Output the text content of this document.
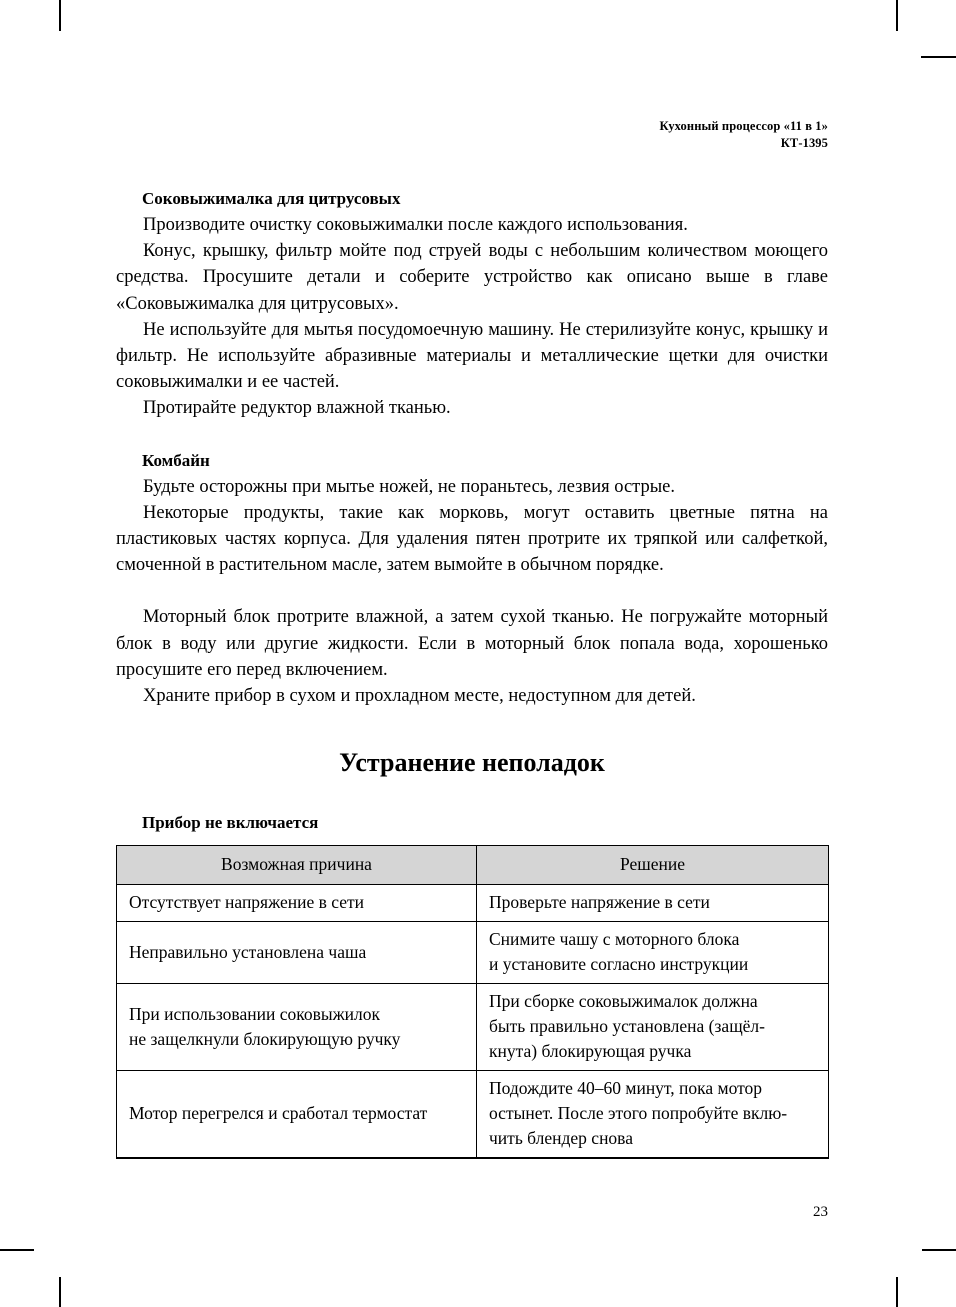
Кухонный процессор «11 в 1»
КТ-1395
Соковыжималка для цитрусовых

Производите очистку соковыжималки после каждого использования.

Конус, крышку, фильтр мойте под струей воды с небольшим количеством моющего средства. Просушите детали и соберите устройство как описано выше в главе «Соковыжималка для цитрусовых».

Не используйте для мытья посудомоечную машину. Не стерилизуйте конус, крышку и фильтр. Не используйте абразивные материалы и металлические щетки для очистки соковыжималки и ее частей.

Протирайте редуктор влажной тканью.

Комбайн

Будьте осторожны при мытье ножей, не пораньтесь, лезвия острые.

Некоторые продукты, такие как морковь, могут оставить цветные пятна на пластиковых частях корпуса. Для удаления пятен протрите их тряпкой или салфеткой, смоченной в растительном масле, затем вымойте в обычном порядке.

Моторный блок протрите влажной, а затем сухой тканью. Не погружайте моторный блок в воду или другие жидкости. Если в моторный блок попала вода, хорошенько просушите его перед включением.

Храните прибор в сухом и прохладном месте, недоступном для детей.

Устранение неполадок
Прибор не включается
Возможная причина	Решение

Отсутствует напряжение в сети	Проверьте напряжение в сети

Неправильно установлена чаша	Снимите чашу с моторного блока
и установите согласно инструкции

При использовании соковыжилок
не защелкнули блокирующую ручку	При сборке соковыжималок должна
быть правильно установлена (защёл-
кнута) блокирующая ручка

Мотор перегрелся и сработал термостат	Подождите 40–60 минут, пока мотор
остынет. После этого попробуйте вклю-
чить блендер снова
23
